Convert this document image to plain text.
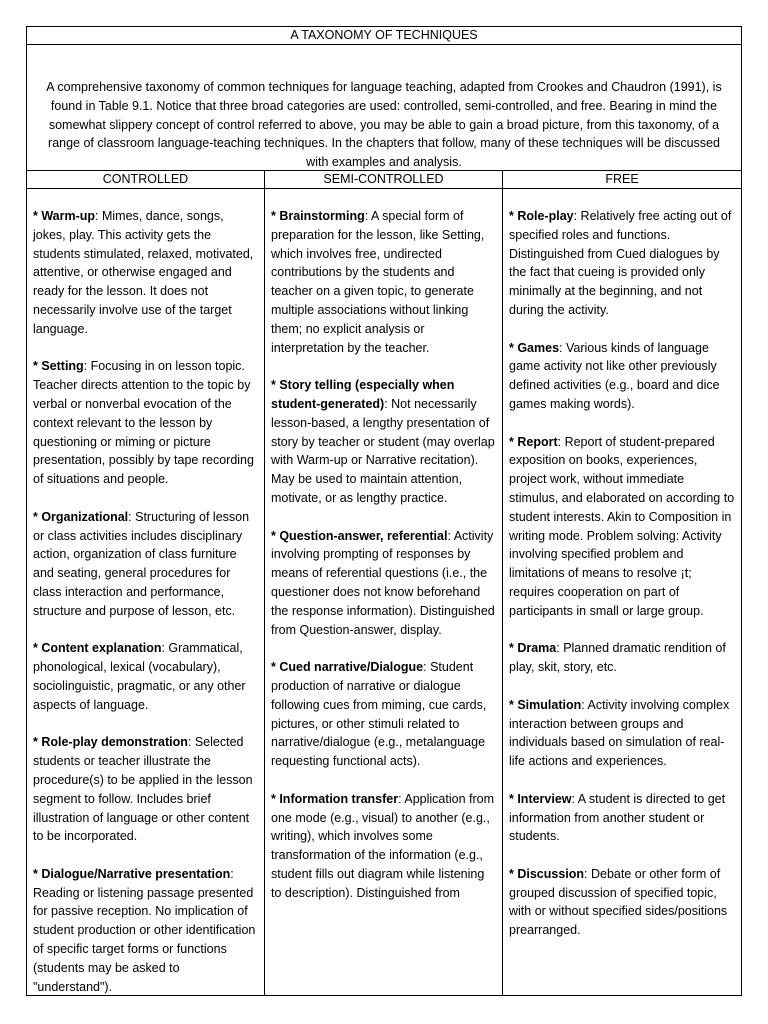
A TAXONOMY OF TECHNIQUES
A comprehensive taxonomy of common techniques for language teaching, adapted from Crookes and Chaudron (1991), is found in Table 9.1. Notice that three broad categories are used: controlled, semi-controlled, and free. Bearing in mind the somewhat slippery concept of control referred to above, you may be able to gain a broad picture, from this taxonomy, of a range of classroom language-teaching techniques. In the chapters that follow, many of these techniques will be discussed with examples and analysis.
CONTROLLED	SEMI-CONTROLLED	FREE

* Warm-up: Mimes, dance, songs, jokes, play. This activity gets the students stimulated, relaxed, motivated, attentive, or otherwise engaged and ready for the lesson. It does not necessarily involve use of the target language.

* Setting: Focusing in on lesson topic. Teacher directs attention to the topic by verbal or nonverbal evocation of the context relevant to the lesson by questioning or miming or picture presentation, possibly by tape recording of situations and people.

* Organizational: Structuring of lesson or class activities includes disciplinary action, organization of class furniture and seating, general procedures for class interaction and performance, structure and purpose of lesson, etc.

* Content explanation: Grammatical, phonological, lexical (vocabulary), sociolinguistic, pragmatic, or any other aspects of language.

* Role-play demonstration: Selected students or teacher illustrate the procedure(s) to be applied in the lesson segment to follow. Includes brief illustration of language or other content to be incorporated.

* Dialogue/Narrative presentation: Reading or listening passage presented for passive reception. No implication of student production or other identification of specific target forms or functions (students may be asked to "understand").

* Brainstorming: A special form of preparation for the lesson, like Setting, which involves free, undirected contributions by the students and teacher on a given topic, to generate multiple associations without linking them; no explicit analysis or interpretation by the teacher.

* Story telling (especially when student-generated): Not necessarily lesson-based, a lengthy presentation of story by teacher or student (may overlap with Warm-up or Narrative recitation). May be used to maintain attention, motivate, or as lengthy practice.

* Question-answer, referential: Activity involving prompting of responses by means of referential questions (i.e., the questioner does not know beforehand the response information). Distinguished from Question-answer, display.

* Cued narrative/Dialogue: Student production of narrative or dialogue following cues from miming, cue cards, pictures, or other stimuli related to narrative/dialogue (e.g., metalanguage requesting functional acts).

* Information transfer: Application from one mode (e.g., visual) to another (e.g., writing), which involves some transformation of the information (e.g., student fills out diagram while listening to description). Distinguished from

* Role-play: Relatively free acting out of specified roles and functions. Distinguished from Cued dialogues by the fact that cueing is provided only minimally at the beginning, and not during the activity.

* Games: Various kinds of language game activity not like other previously defined activities (e.g., board and dice games making words).

* Report: Report of student-prepared exposition on books, experiences, project work, without immediate stimulus, and elaborated on according to student interests. Akin to Composition in writing mode. Problem solving: Activity involving specified problem and limitations of means to resolve ¡t; requires cooperation on part of participants in small or large group.

* Drama: Planned dramatic rendition of play, skit, story, etc.

* Simulation: Activity involving complex interaction between groups and individuals based on simulation of real-life actions and experiences.

* Interview: A student is directed to get information from another student or students.

* Discussion: Debate or other form of grouped discussion of specified topic, with or without specified sides/positions prearranged.
